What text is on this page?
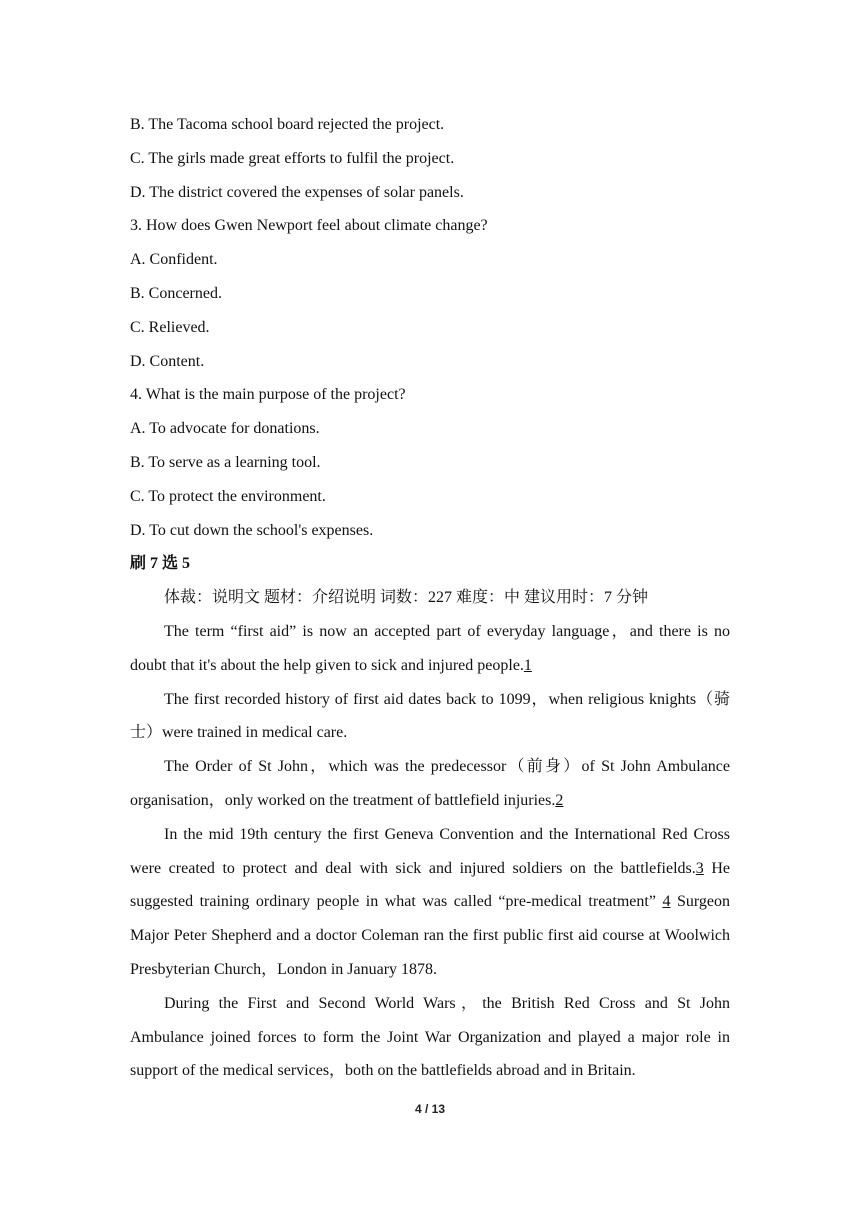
B. The Tacoma school board rejected the project.

C. The girls made great efforts to fulfil the project.

D. The district covered the expenses of solar panels.

3. How does Gwen Newport feel about climate change?

A. Confident.

B. Concerned.

C. Relieved.

D. Content.

4. What is the main purpose of the project?

A. To advocate for donations.

B. To serve as a learning tool.

C. To protect the environment.

D. To cut down the school's expenses.

刷 7 选 5

体裁：说明文 题材：介绍说明 词数：227 难度：中 建议用时：7 分钟

The term “first aid” is now an accepted part of everyday language，and there is no doubt that it's about the help given to sick and injured people.1

The first recorded history of first aid dates back to 1099，when religious knights（骑士）were trained in medical care.

The Order of St John，which was the predecessor（前身）of St John Ambulance organisation，only worked on the treatment of battlefield injuries.2

In the mid 19th century the first Geneva Convention and the International Red Cross were created to protect and deal with sick and injured soldiers on the battlefields.3 He suggested training ordinary people in what was called “pre-medical treatment” 4 Surgeon Major Peter Shepherd and a doctor Coleman ran the first public first aid course at Woolwich Presbyterian Church，London in January 1878.

During the First and Second World Wars，the British Red Cross and St John Ambulance joined forces to form the Joint War Organization and played a major role in support of the medical services，both on the battlefields abroad and in Britain.

4 / 13
